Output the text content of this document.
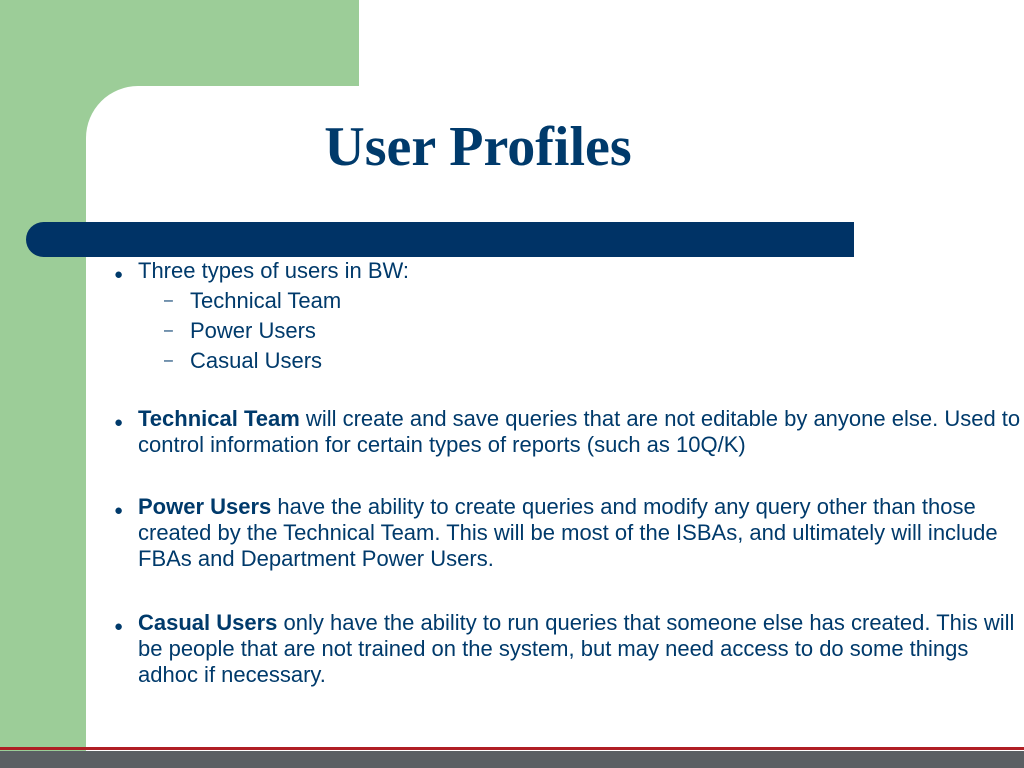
User Profiles
● Three types of users in BW:
– Technical Team
– Power Users
– Casual Users
● Technical Team will create and save queries that are not editable by anyone else. Used to control information for certain types of reports (such as 10Q/K)
● Power Users have the ability to create queries and modify any query other than those created by the Technical Team. This will be most of the ISBAs, and ultimately will include FBAs and Department Power Users.
● Casual Users only have the ability to run queries that someone else has created. This will be people that are not trained on the system, but may need access to do some things adhoc if necessary.
